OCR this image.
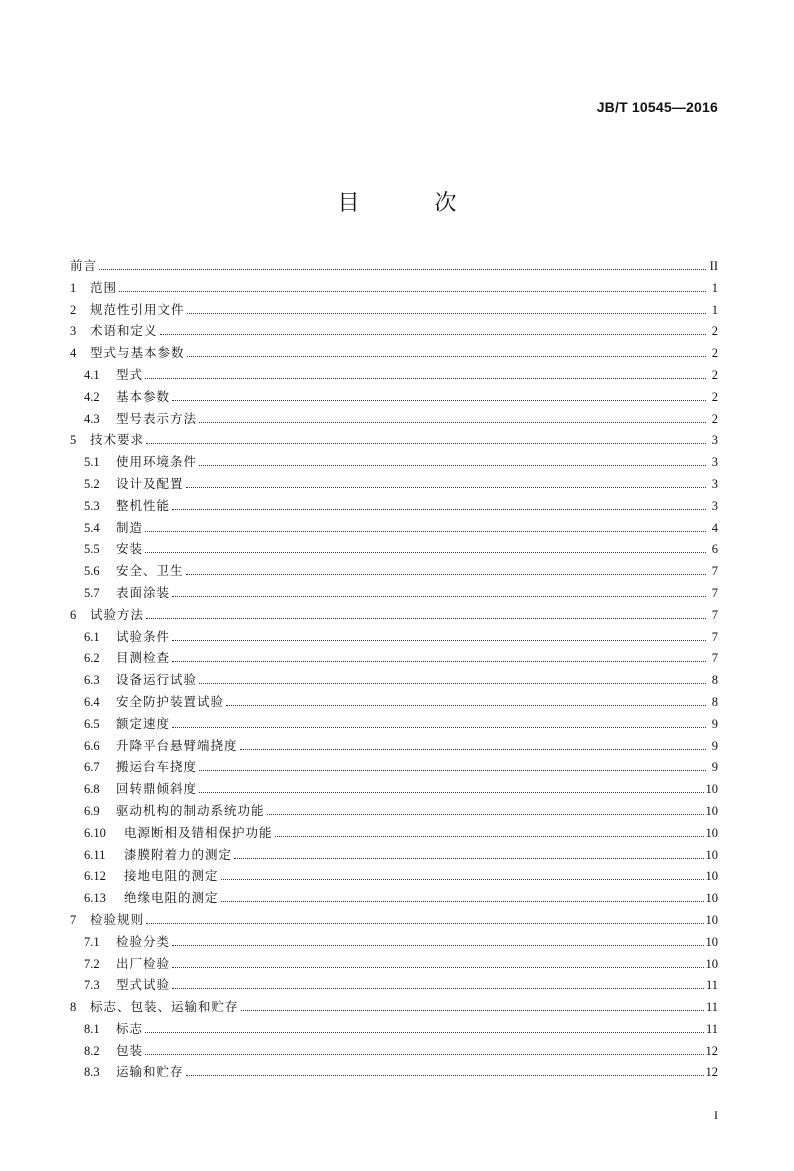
JB/T 10545—2016
目 次
前言	II
1	范围	1
2	规范性引用文件	1
3	术语和定义	2
4	型式与基本参数	2
4.1	型式	2
4.2	基本参数	2
4.3	型号表示方法	2
5	技术要求	3
5.1	使用环境条件	3
5.2	设计及配置	3
5.3	整机性能	3
5.4	制造	4
5.5	安装	6
5.6	安全、卫生	7
5.7	表面涂装	7
6	试验方法	7
6.1	试验条件	7
6.2	目测检查	7
6.3	设备运行试验	8
6.4	安全防护装置试验	8
6.5	额定速度	9
6.6	升降平台悬臂端挠度	9
6.7	搬运台车挠度	9
6.8	回转鼎倾斜度	10
6.9	驱动机构的制动系统功能	10
6.10	电源断相及错相保护功能	10
6.11	漆膜附着力的测定	10
6.12	接地电阻的测定	10
6.13	绝缘电阻的测定	10
7	检验规则	10
7.1	检验分类	10
7.2	出厂检验	10
7.3	型式试验	11
8	标志、包装、运输和贮存	11
8.1	标志	11
8.2	包装	12
8.3	运输和贮存	12
I
